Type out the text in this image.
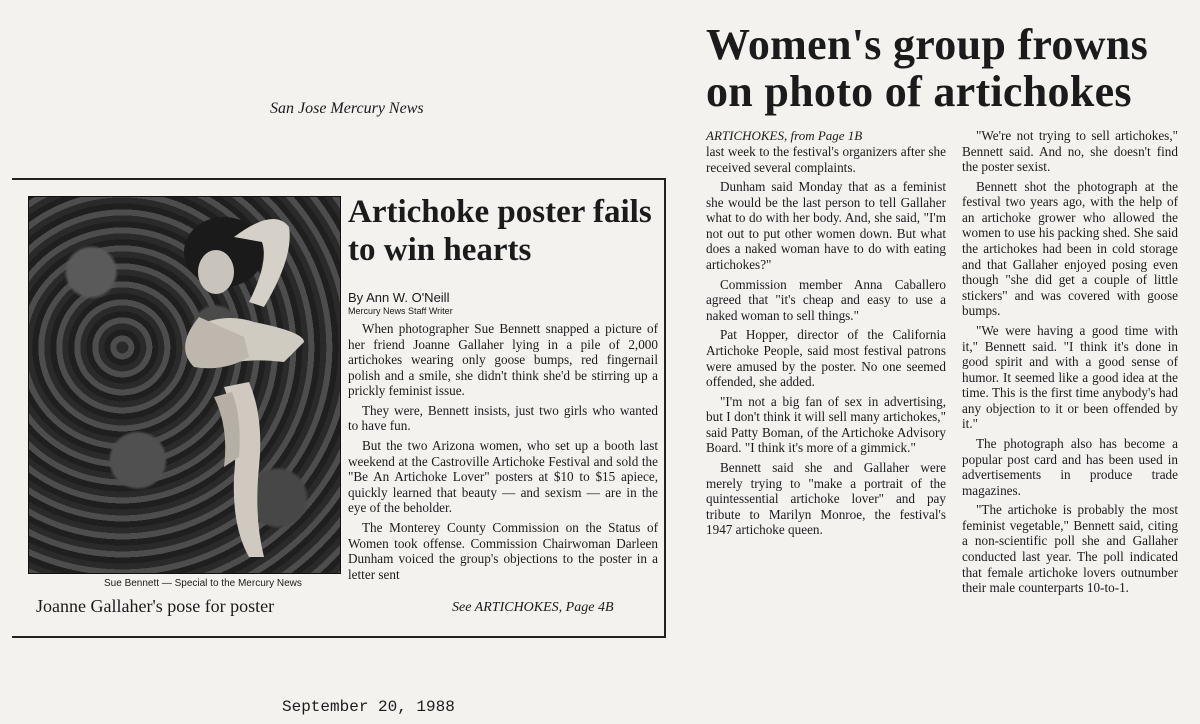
San Jose Mercury News
Sue Bennett — Special to the Mercury News
Joanne Gallaher's pose for poster
Artichoke poster fails to win hearts
By Ann W. O'Neill
Mercury News Staff Writer

When photographer Sue Bennett snapped a picture of her friend Joanne Gallaher lying in a pile of 2,000 artichokes wearing only goose bumps, red fingernail polish and a smile, she didn't think she'd be stirring up a prickly feminist issue.

They were, Bennett insists, just two girls who wanted to have fun.

But the two Arizona women, who set up a booth last weekend at the Castroville Artichoke Festival and sold the "Be An Artichoke Lover" posters at $10 to $15 apiece, quickly learned that beauty — and sexism — are in the eye of the beholder.

The Monterey County Commission on the Status of Women took offense. Commission Chairwoman Darleen Dunham voiced the group's objections to the poster in a letter sent

See ARTICHOKES, Page 4B
Women's group frowns on photo of artichokes
ARTICHOKES, from Page 1B

last week to the festival's organizers after she received several complaints.

Dunham said Monday that as a feminist she would be the last person to tell Gallaher what to do with her body. And, she said, "I'm not out to put other women down. But what does a naked woman have to do with eating artichokes?"

Commission member Anna Caballero agreed that "it's cheap and easy to use a naked woman to sell things."

Pat Hopper, director of the California Artichoke People, said most festival patrons were amused by the poster. No one seemed offended, she added.

"I'm not a big fan of sex in advertising, but I don't think it will sell many artichokes," said Patty Boman, of the Artichoke Advisory Board. "I think it's more of a gimmick."

Bennett said she and Gallaher were merely trying to "make a portrait of the quintessential artichoke lover" and pay tribute to Marilyn Monroe, the festival's 1947 artichoke queen.

"We're not trying to sell artichokes," Bennett said. And no, she doesn't find the poster sexist.

Bennett shot the photograph at the festival two years ago, with the help of an artichoke grower who allowed the women to use his packing shed. She said the artichokes had been in cold storage and that Gallaher enjoyed posing even though "she did get a couple of little stickers" and was covered with goose bumps.

"We were having a good time with it," Bennett said. "I think it's done in good spirit and with a good sense of humor. It seemed like a good idea at the time. This is the first time anybody's had any objection to it or been offended by it."

The photograph also has become a popular post card and has been used in advertisements in produce trade magazines.

"The artichoke is probably the most feminist vegetable," Bennett said, citing a non-scientific poll she and Gallaher conducted last year. The poll indicated that female artichoke lovers outnumber their male counterparts 10-to-1.

September 20, 1988
